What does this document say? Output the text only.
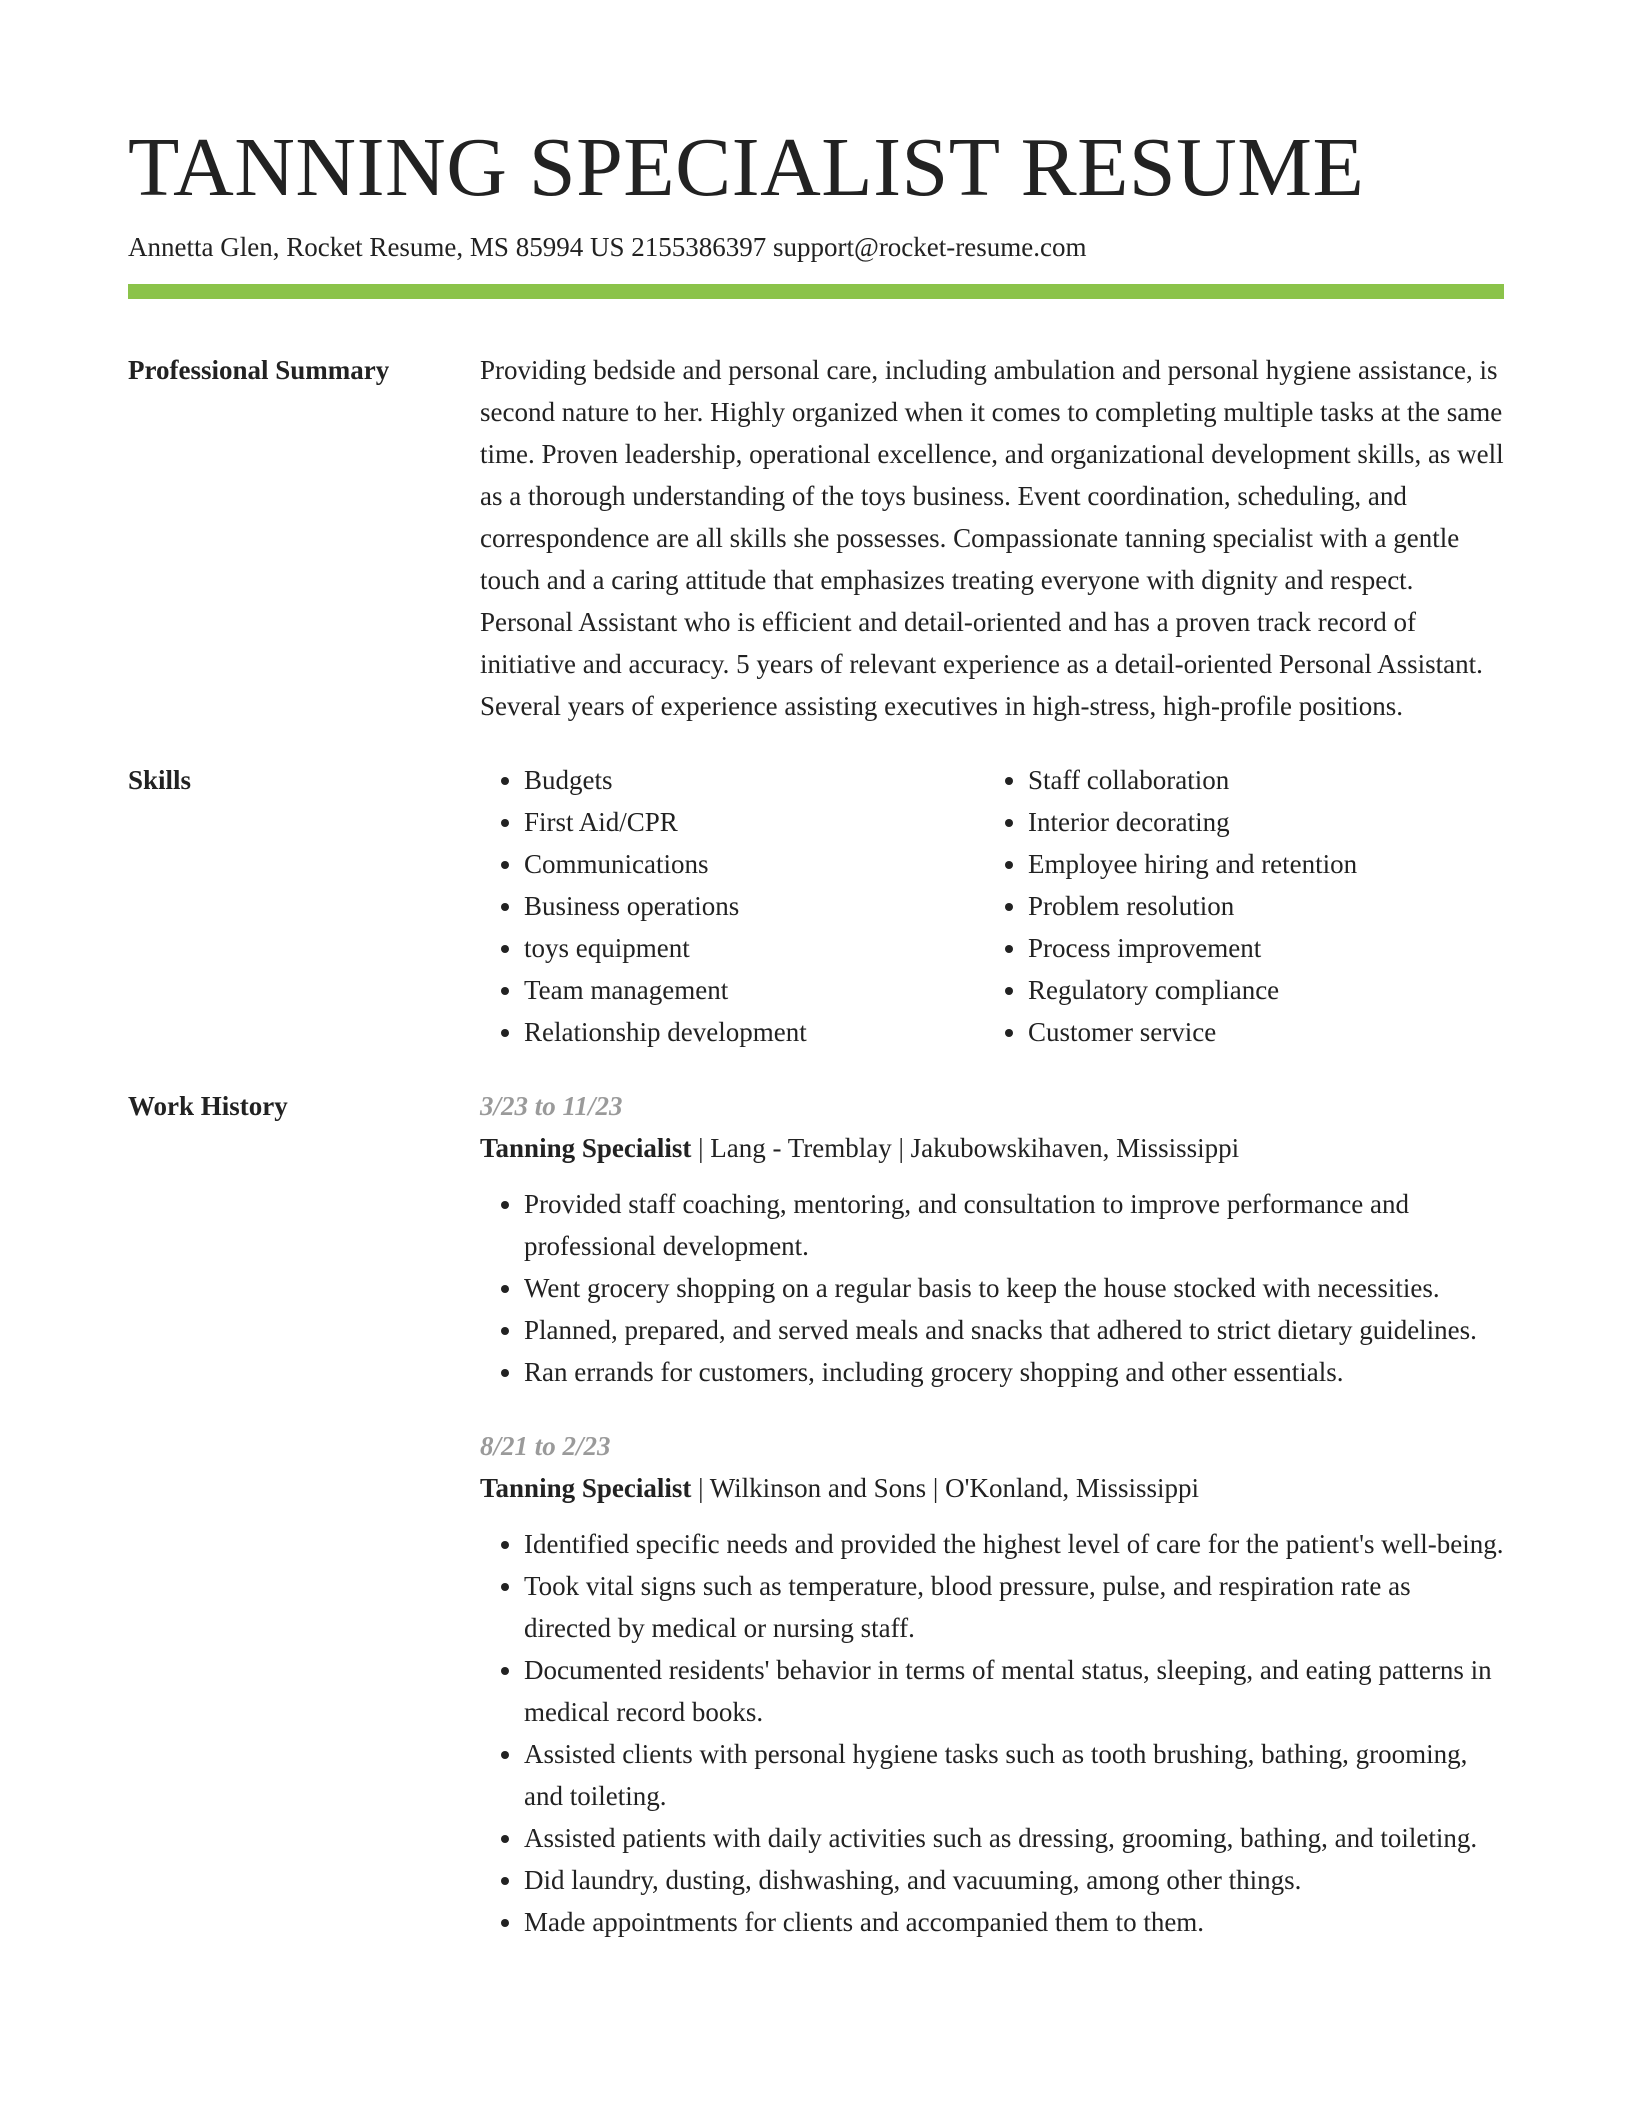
TANNING SPECIALIST RESUME
Annetta Glen, Rocket Resume, MS 85994 US 2155386397 support@rocket-resume.com
Professional Summary	Providing bedside and personal care, including ambulation and personal hygiene assistance, is second nature to her. Highly organized when it comes to completing multiple tasks at the same time. Proven leadership, operational excellence, and organizational development skills, as well as a thorough understanding of the toys business. Event coordination, scheduling, and correspondence are all skills she possesses. Compassionate tanning specialist with a gentle touch and a caring attitude that emphasizes treating everyone with dignity and respect. Personal Assistant who is efficient and detail-oriented and has a proven track record of initiative and accuracy. 5 years of relevant experience as a detail-oriented Personal Assistant. Several years of experience assisting executives in high-stress, high-profile positions.

Skills
•	Budgets
• First Aid/CPR
• Communications
• Business operations
• toys equipment
• Team management
• Relationship development
• Staff collaboration
• Interior decorating
• Employee hiring and retention
• Problem resolution
• Process improvement
• Regulatory compliance
• Customer service
Work History	3/23 to 11/23
Tanning Specialist | Lang - Tremblay | Jakubowskihaven, Mississippi
• Provided staff coaching, mentoring, and consultation to improve performance and professional development.
• Went grocery shopping on a regular basis to keep the house stocked with necessities.
• Planned, prepared, and served meals and snacks that adhered to strict dietary guidelines.
• Ran errands for customers, including grocery shopping and other essentials.
8/21 to 2/23
Tanning Specialist | Wilkinson and Sons | O'Konland, Mississippi
• Identified specific needs and provided the highest level of care for the patient's well-being.
• Took vital signs such as temperature, blood pressure, pulse, and respiration rate as directed by medical or nursing staff.
• Documented residents' behavior in terms of mental status, sleeping, and eating patterns in medical record books.
• Assisted clients with personal hygiene tasks such as tooth brushing, bathing, grooming, and toileting.
• Assisted patients with daily activities such as dressing, grooming, bathing, and toileting.
• Did laundry, dusting, dishwashing, and vacuuming, among other things.
• Made appointments for clients and accompanied them to them.
